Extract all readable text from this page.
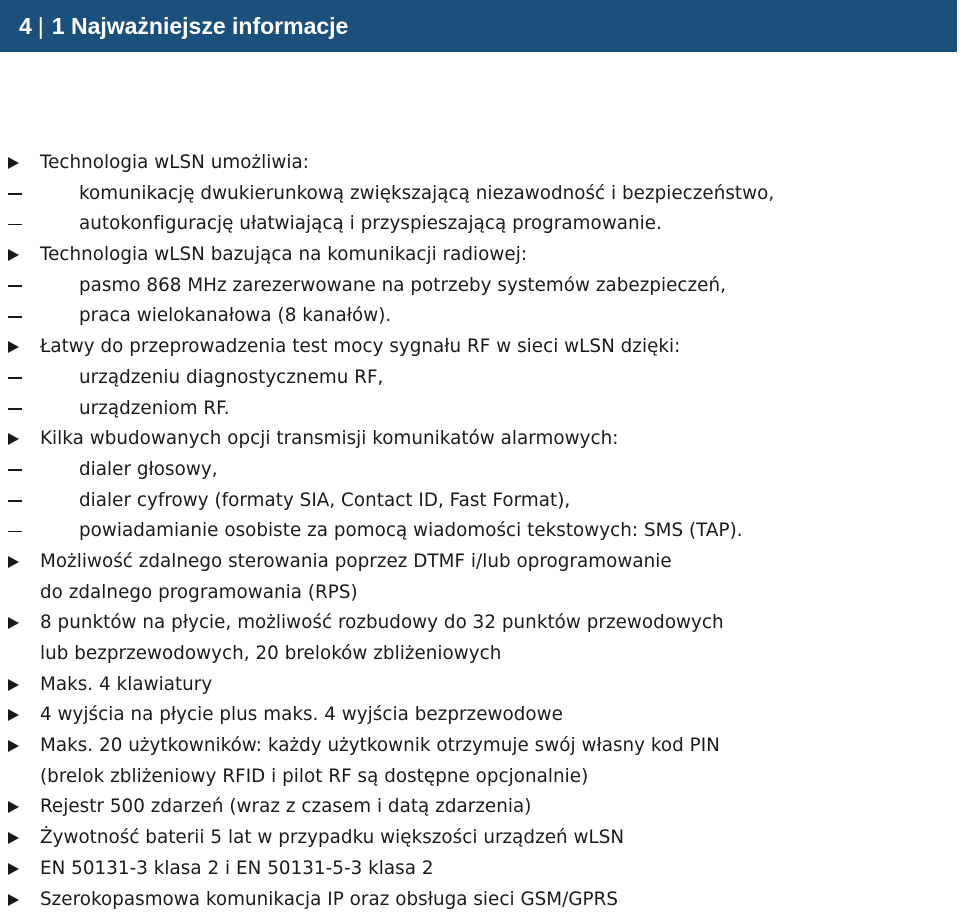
4 | 1 Najważniejsze informacje
Technologia wLSN umożliwia:
komunikację dwukierunkową zwiększającą niezawodność i bezpieczeństwo,
autokonfigurację ułatwiającą i przyspieszającą programowanie.
Technologia wLSN bazująca na komunikacji radiowej:
pasmo 868 MHz zarezerwowane na potrzeby systemów zabezpieczeń,
praca wielokanałowa (8 kanałów).
Łatwy do przeprowadzenia test mocy sygnału RF w sieci wLSN dzięki:
urządzeniu diagnostycznemu RF,
urządzeniom RF.
Kilka wbudowanych opcji transmisji komunikatów alarmowych:
dialer głosowy,
dialer cyfrowy (formaty SIA, Contact ID, Fast Format),
powiadamianie osobiste za pomocą wiadomości tekstowych: SMS (TAP).
Możliwość zdalnego sterowania poprzez DTMF i/lub oprogramowanie
do zdalnego programowania (RPS)
8 punktów na płycie, możliwość rozbudowy do 32 punktów przewodowych
lub bezprzewodowych, 20 breloków zbliżeniowych
Maks. 4 klawiatury
4 wyjścia na płycie plus maks. 4 wyjścia bezprzewodowe
Maks. 20 użytkowników: każdy użytkownik otrzymuje swój własny kod PIN
(brelok zbliżeniowy RFID i pilot RF są dostępne opcjonalnie)
Rejestr 500 zdarzeń (wraz z czasem i datą zdarzenia)
Żywotność baterii 5 lat w przypadku większości urządzeń wLSN
EN 50131-3 klasa 2 i EN 50131-5-3 klasa 2
Szerokopasmowa komunikacja IP oraz obsługa sieci GSM/GPRS
